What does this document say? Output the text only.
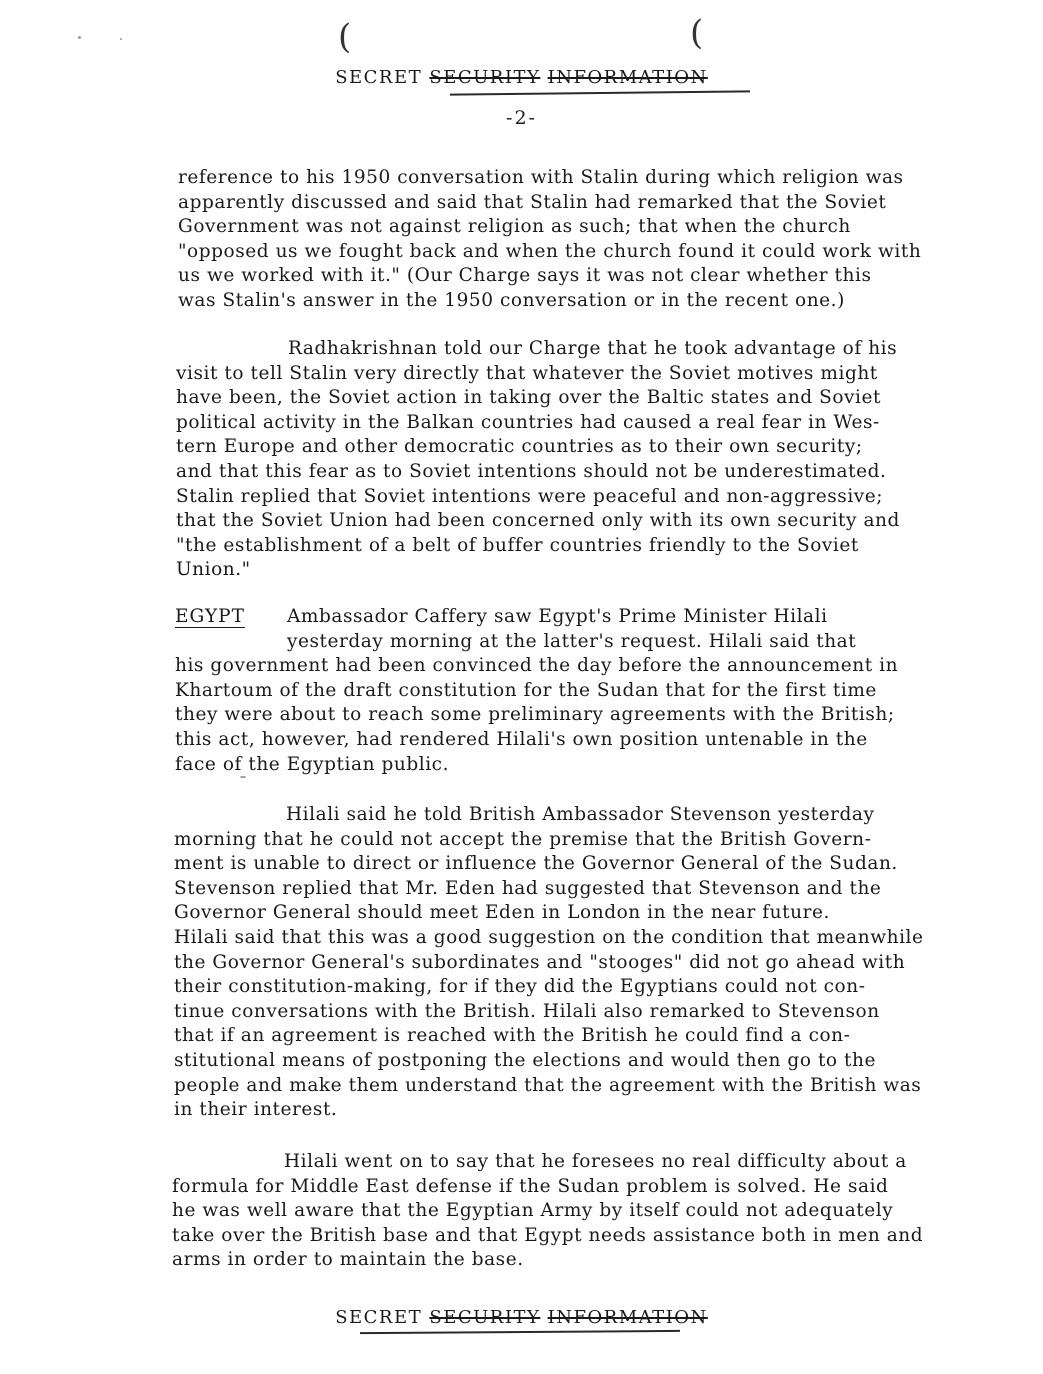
(	(
SECRET SECURITY INFORMATION
-2-
reference to his 1950 conversation with Stalin during which religion was
apparently discussed and said that Stalin had remarked that the Soviet
Government was not against religion as such; that when the church
"opposed us we fought back and when the church found it could work with
us we worked with it." (Our Charge says it was not clear whether this
was Stalin's answer in the 1950 conversation or in the recent one.)
Radhakrishnan told our Charge that he took advantage of his
visit to tell Stalin very directly that whatever the Soviet motives might
have been, the Soviet action in taking over the Baltic states and Soviet
political activity in the Balkan countries had caused a real fear in Wes-
tern Europe and other democratic countries as to their own security;
and that this fear as to Soviet intentions should not be underestimated.
Stalin replied that Soviet intentions were peaceful and non-aggressive;
that the Soviet Union had been concerned only with its own security and
"the establishment of a belt of buffer countries friendly to the Soviet
Union."
EGYPT	Ambassador Caffery saw Egypt's Prime Minister Hilali
yesterday morning at the latter's request. Hilali said that
his government had been convinced the day before the announcement in
Khartoum of the draft constitution for the Sudan that for the first time
they were about to reach some preliminary agreements with the British;
this act, however, had rendered Hilali's own position untenable in the
face of the Egyptian public.
Hilali said he told British Ambassador Stevenson yesterday
morning that he could not accept the premise that the British Govern-
ment is unable to direct or influence the Governor General of the Sudan.
Stevenson replied that Mr. Eden had suggested that Stevenson and the
Governor General should meet Eden in London in the near future.
Hilali said that this was a good suggestion on the condition that meanwhile
the Governor General's subordinates and "stooges" did not go ahead with
their constitution-making, for if they did the Egyptians could not con-
tinue conversations with the British. Hilali also remarked to Stevenson
that if an agreement is reached with the British he could find a con-
stitutional means of postponing the elections and would then go to the
people and make them understand that the agreement with the British was
in their interest.
Hilali went on to say that he foresees no real difficulty about a
formula for Middle East defense if the Sudan problem is solved. He said
he was well aware that the Egyptian Army by itself could not adequately
take over the British base and that Egypt needs assistance both in men and
arms in order to maintain the base.
SECRET SECURITY INFORMATION
